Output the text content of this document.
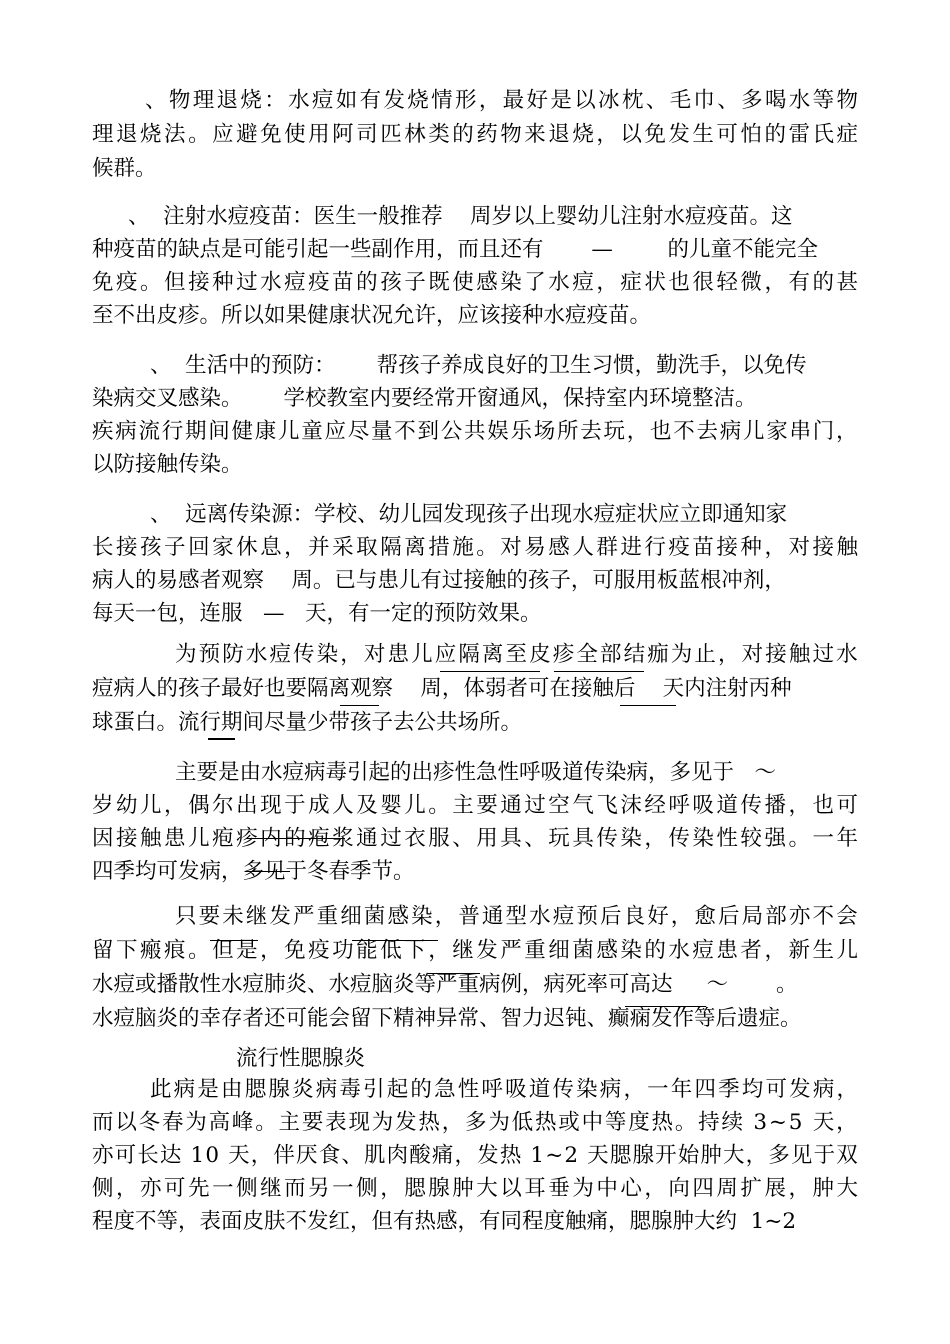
、 物 理 退 烧 ： 水 痘 如 有 发 烧 情 形 ， 最 好 是 以 冰 枕 、 毛 巾 、 多 喝 水 等 物
理 退 烧 法 。 应 避 免 使 用 阿 司 匹 林 类 的 药 物 来 退 烧 ， 以 免 发 生 可 怕 的 雷 氏 症
候群。
、  注射水痘疫苗：医生一般推荐    周岁以上婴幼儿注射水痘疫苗。这
种疫苗的缺点是可能引起一些副作用，而且还有       —        的儿童不能完全
免 疫 。 但 接 种 过 水 痘 疫 苗 的 孩 子 既 使 感 染 了 水 痘 ， 症 状 也 很 轻 微 ， 有 的 甚
至不出皮疹。所以如果健康状况允许，应该接种水痘疫苗。
、  生活中的预防：      帮孩子养成良好的卫生习惯，勤洗手，以免传
染病交叉感染。      学校教室内要经常开窗通风，保持室内环境整洁。
疾 病 流 行 期 间 健 康 儿 童 应 尽 量 不 到 公 共 娱 乐 场 所 去 玩 ， 也 不 去 病 儿 家 串 门 ，
以防接触传染。
、  远离传染源：学校、幼儿园发现孩子出现水痘症状应立即通知家
长 接 孩 子 回 家 休 息 ， 并 采 取 隔 离 措 施 。 对 易 感 人 群 进 行 疫 苗 接 种 ， 对 接 触
病人的易感者观察    周。已与患儿有过接触的孩子，可服用板蓝根冲剂，
每天一包，连服   —   天，有一定的预防效果。
为 预 防 水 痘 传 染 ， 对 患 儿 应 隔 离 至 皮 疹 全 部 结 痂 为 止 ， 对 接 触 过 水
痘病人的孩子最好也要隔离观察    周，体弱者可在接触后    天内注射丙种
球蛋白。流行期间尽量少带孩子去公共场所。
主要是由水痘病毒引起的出疹性急性呼吸道传染病，多见于   ～
岁 幼 儿 ， 偶 尔 出 现 于 成 人 及 婴 儿 。 主 要 通 过 空 气 飞 沫 经 呼 吸 道 传 播 ， 也 可
因 接 触 患 儿 疱 疹 内 的 疱 浆 通 过 衣 服 、 用 具 、 玩 具 传 染 ， 传 染 性 较 强 。 一 年
四季均可发病，多见于冬春季节。
只 要 未 继 发 严 重 细 菌 感 染 ， 普 通 型 水 痘 预 后 良 好 ， 愈 后 局 部 亦 不 会
留 下 瘢 痕 。 但 是 ， 免 疫 功 能 低 下 ， 继 发 严 重 细 菌 感 染 的 水 痘 患 者 ， 新 生 儿
水痘或播散性水痘肺炎、水痘脑炎等严重病例，病死率可高达     ～       。
水痘脑炎的幸存者还可能会留下精神异常、智力迟钝、癫痫发作等后遗症。
流行性腮腺炎
此 病 是 由 腮 腺 炎 病 毒 引 起 的 急 性 呼 吸 道 传 染 病 ， 一 年 四 季 均 可 发 病 ，
而 以 冬 春 为 高 峰 。 主 要 表 现 为 发 热 ， 多 为 低 热 或 中 等 度 热 。 持 续
3 ~ 5
天 ，
亦 可 长 达
1 0
天 ， 伴 厌 食 、 肌 肉 酸 痛 ， 发 热
1 ~ 2
天 腮 腺 开 始 肿 大 ， 多 见 于 双
侧 ， 亦 可 先 一 侧 继 而 另 一 侧 ， 腮 腺 肿 大 以 耳 垂 为 中 心 ， 向 四 周 扩 展 ， 肿 大
程度不等，表面皮肤不发红，但有热感，有同程度触痛，腮腺肿大约  1~2
